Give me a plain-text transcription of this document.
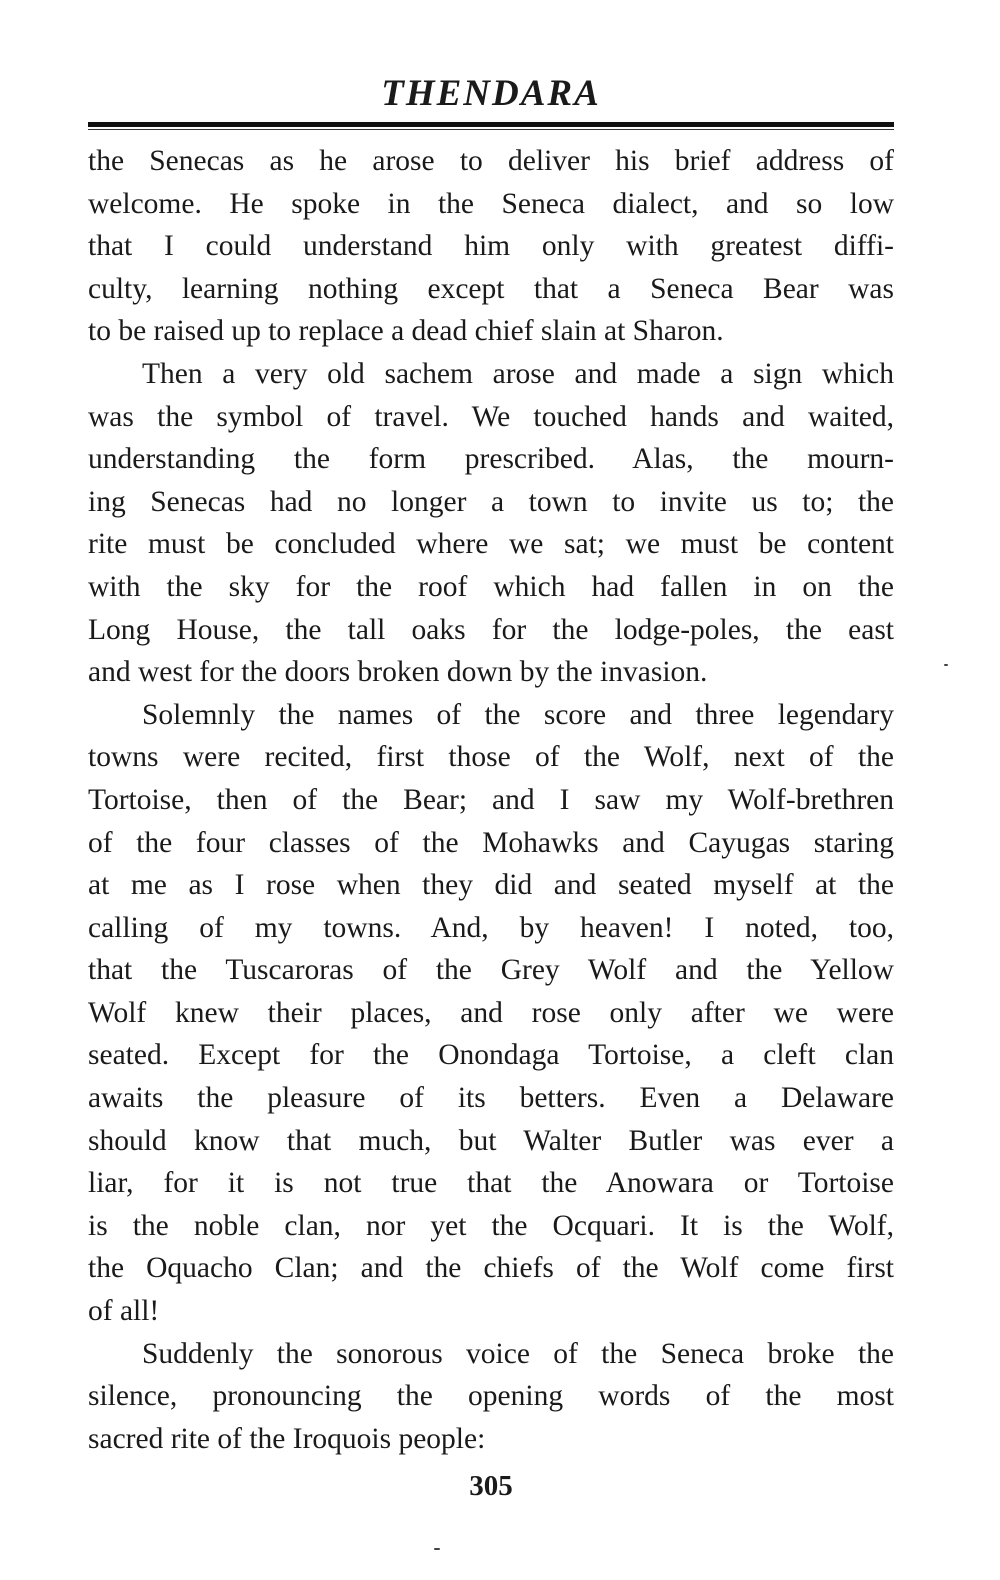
THENDARA
the Senecas as he arose to deliver his brief address of
welcome. He spoke in the Seneca dialect, and so low
that I could understand him only with greatest diffi-
culty, learning nothing except that a Seneca Bear was
to be raised up to replace a dead chief slain at Sharon.
Then a very old sachem arose and made a sign which
was the symbol of travel. We touched hands and waited,
understanding the form prescribed. Alas, the mourn-
ing Senecas had no longer a town to invite us to; the
rite must be concluded where we sat; we must be content
with the sky for the roof which had fallen in on the
Long House, the tall oaks for the lodge-poles, the east
and west for the doors broken down by the invasion.
Solemnly the names of the score and three legendary
towns were recited, first those of the Wolf, next of the
Tortoise, then of the Bear; and I saw my Wolf-brethren
of the four classes of the Mohawks and Cayugas staring
at me as I rose when they did and seated myself at the
calling of my towns. And, by heaven! I noted, too,
that the Tuscaroras of the Grey Wolf and the Yellow
Wolf knew their places, and rose only after we were
seated. Except for the Onondaga Tortoise, a cleft clan
awaits the pleasure of its betters. Even a Delaware
should know that much, but Walter Butler was ever a
liar, for it is not true that the Anowara or Tortoise
is the noble clan, nor yet the Ocquari. It is the Wolf,
the Oquacho Clan; and the chiefs of the Wolf come first
of all!
Suddenly the sonorous voice of the Seneca broke the
silence, pronouncing the opening words of the most
sacred rite of the Iroquois people:
305
